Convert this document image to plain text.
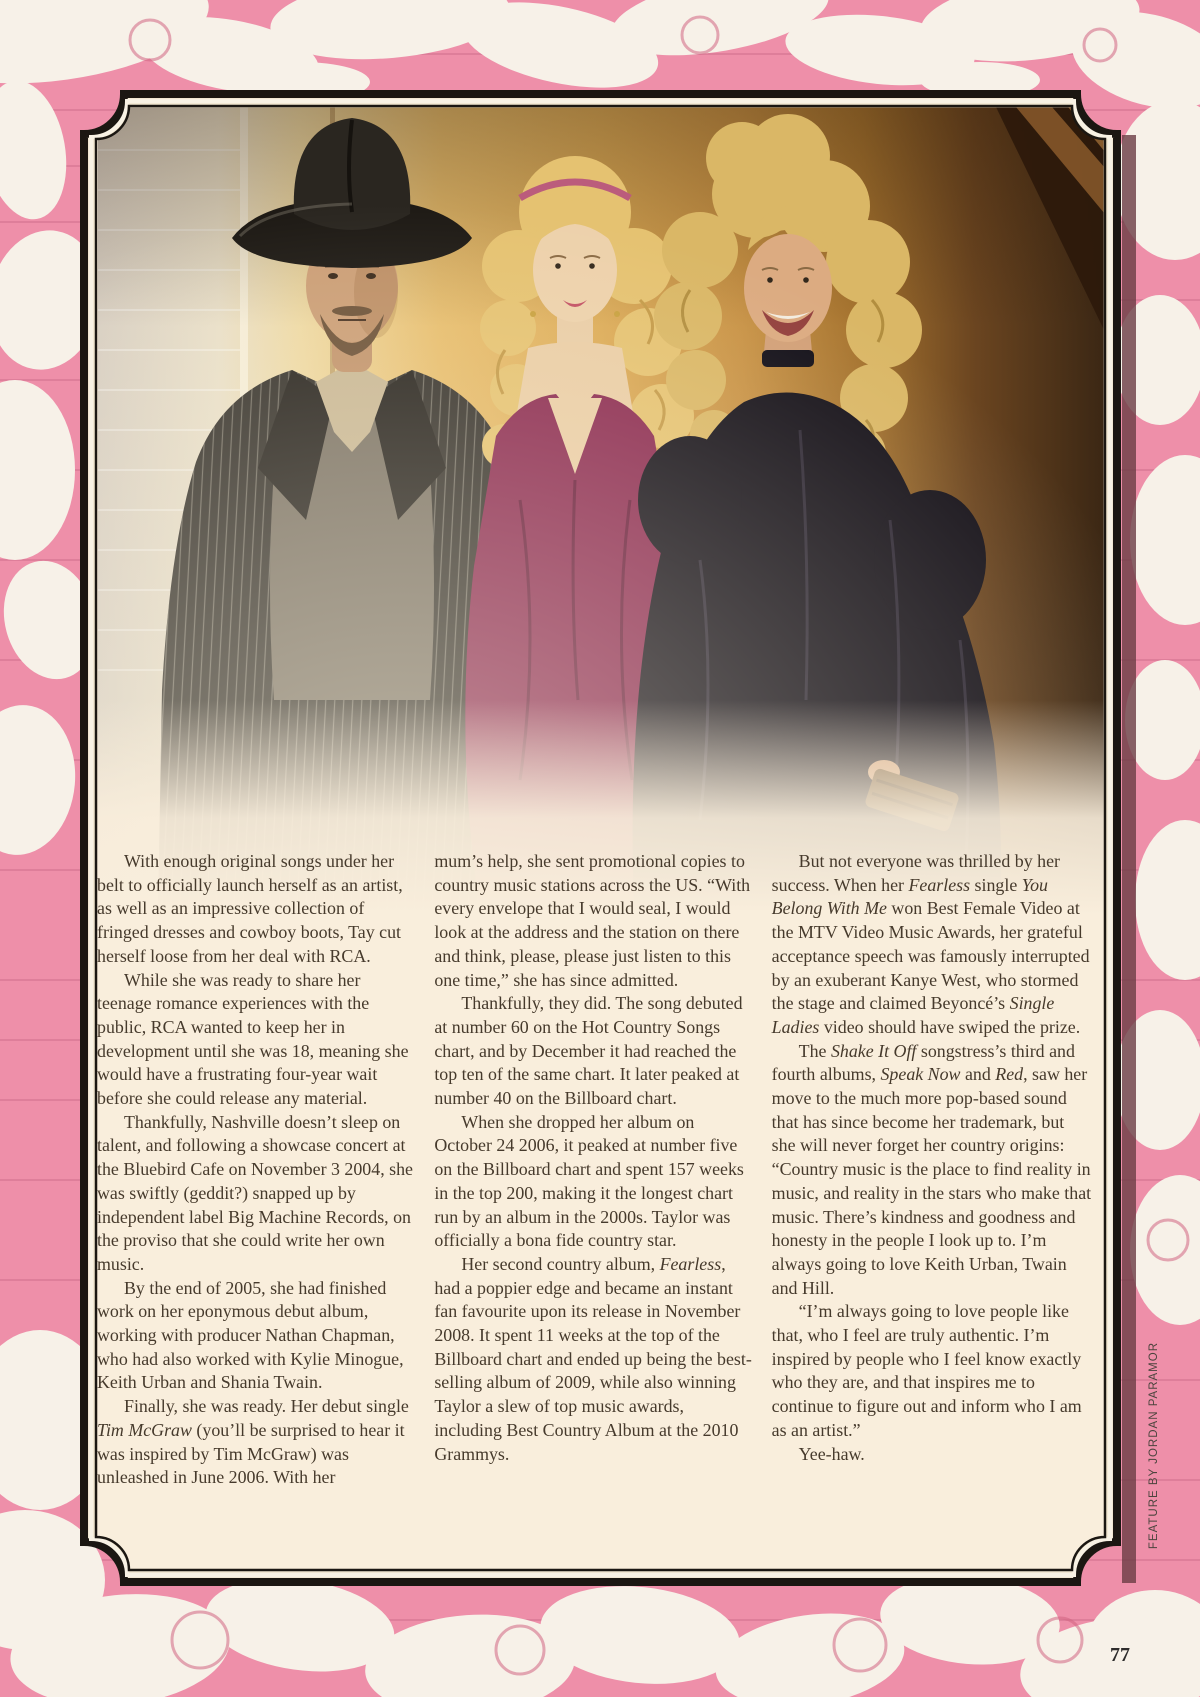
With enough original songs under her belt to officially launch herself as an artist, as well as an impressive collection of fringed dresses and cowboy boots, Tay cut herself loose from her deal with RCA.

While she was ready to share her teenage romance experiences with the public, RCA wanted to keep her in development until she was 18, meaning she would have a frustrating four-year wait before she could release any material.

Thankfully, Nashville doesn’t sleep on talent, and following a showcase concert at the Bluebird Cafe on November 3 2004, she was swiftly (geddit?) snapped up by independent label Big Machine Records, on the proviso that she could write her own music.

By the end of 2005, she had finished work on her eponymous debut album, working with producer Nathan Chapman, who had also worked with Kylie Minogue, Keith Urban and Shania Twain.

Finally, she was ready. Her debut single Tim McGraw (you’ll be surprised to hear it was inspired by Tim McGraw) was unleashed in June 2006. With her

mum’s help, she sent promotional copies to country music stations across the US. “With every envelope that I would seal, I would look at the address and the station on there and think, please, please just listen to this one time,” she has since admitted.

Thankfully, they did. The song debuted at number 60 on the Hot Country Songs chart, and by December it had reached the top ten of the same chart. It later peaked at number 40 on the Billboard chart.

When she dropped her album on October 24 2006, it peaked at number five on the Billboard chart and spent 157 weeks in the top 200, making it the longest chart run by an album in the 2000s. Taylor was officially a bona fide country star.

Her second country album, Fearless, had a poppier edge and became an instant fan favourite upon its release in November 2008. It spent 11 weeks at the top of the Billboard chart and ended up being the best-selling album of 2009, while also winning Taylor a slew of top music awards, including Best Country Album at the 2010 Grammys.

But not everyone was thrilled by her success. When her Fearless single You Belong With Me won Best Female Video at the MTV Video Music Awards, her grateful acceptance speech was famously interrupted by an exuberant Kanye West, who stormed the stage and claimed Beyoncé’s Single Ladies video should have swiped the prize.

The Shake It Off songstress’s third and fourth albums, Speak Now and Red, saw her move to the much more pop-based sound that has since become her trademark, but she will never forget her country origins: “Country music is the place to find reality in music, and reality in the stars who make that music. There’s kindness and goodness and honesty in the people I look up to. I’m always going to love Keith Urban, Twain and Hill.

“I’m always going to love people like that, who I feel are truly authentic. I’m inspired by people who I feel know exactly who they are, and that inspires me to continue to figure out and inform who I am as an artist.”

Yee-haw.	FEATURE BY JORDAN PARAMOR
77
